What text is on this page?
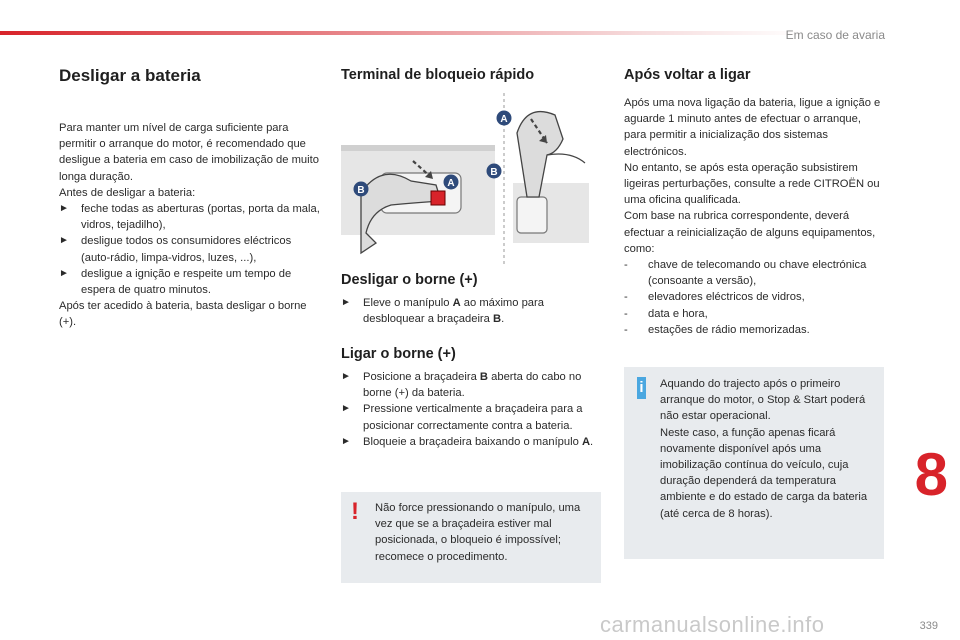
Em caso de avaria
Desligar a bateria

Para manter um nível de carga suficiente para permitir o arranque do motor, é recomendado que desligue a bateria em caso de imobilização de muito longa duração.

Antes de desligar a bateria:

► feche todas as aberturas (portas, porta da mala, vidros, tejadilho),
► desligue todos os consumidores eléctricos (auto-rádio, limpa-vidros, luzes, ...),
► desligue a ignição e respeite um tempo de espera de quatro minutos.

Após ter acedido à bateria, basta desligar o borne (+).

Terminal de bloqueio rápido
B
A
A
B
Desligar o borne (+)
► Eleve o manípulo A ao máximo para desbloquear a braçadeira B.
Ligar o borne (+)
► Posicione a braçadeira B aberta do cabo no borne (+) da bateria.
► Pressione verticalmente a braçadeira para a posicionar correctamente contra a bateria.
► Bloqueie a braçadeira baixando o manípulo A.
! Não force pressionando o manípulo, uma vez que se a braçadeira estiver mal posicionada, o bloqueio é impossível; recomece o procedimento.
Após voltar a ligar

Após uma nova ligação da bateria, ligue a ignição e aguarde 1 minuto antes de efectuar o arranque, para permitir a inicialização dos sistemas electrónicos.

No entanto, se após esta operação subsistirem ligeiras perturbações, consulte a rede CITROËN ou uma oficina qualificada.

Com base na rubrica correspondente, deverá efectuar a reinicialização de alguns equipamentos, como:

- chave de telecomando ou chave electrónica (consoante a versão),
- elevadores eléctricos de vidros,
- data e hora,
- estações de rádio memorizadas.
i Aquando do trajecto após o primeiro arranque do motor, o Stop & Start poderá não estar operacional.
Neste caso, a função apenas ficará novamente disponível após uma imobilização contínua do veículo, cuja duração dependerá da temperatura ambiente e do estado de carga da bateria (até cerca de 8 horas).
8
339
carmanualsonline.info
